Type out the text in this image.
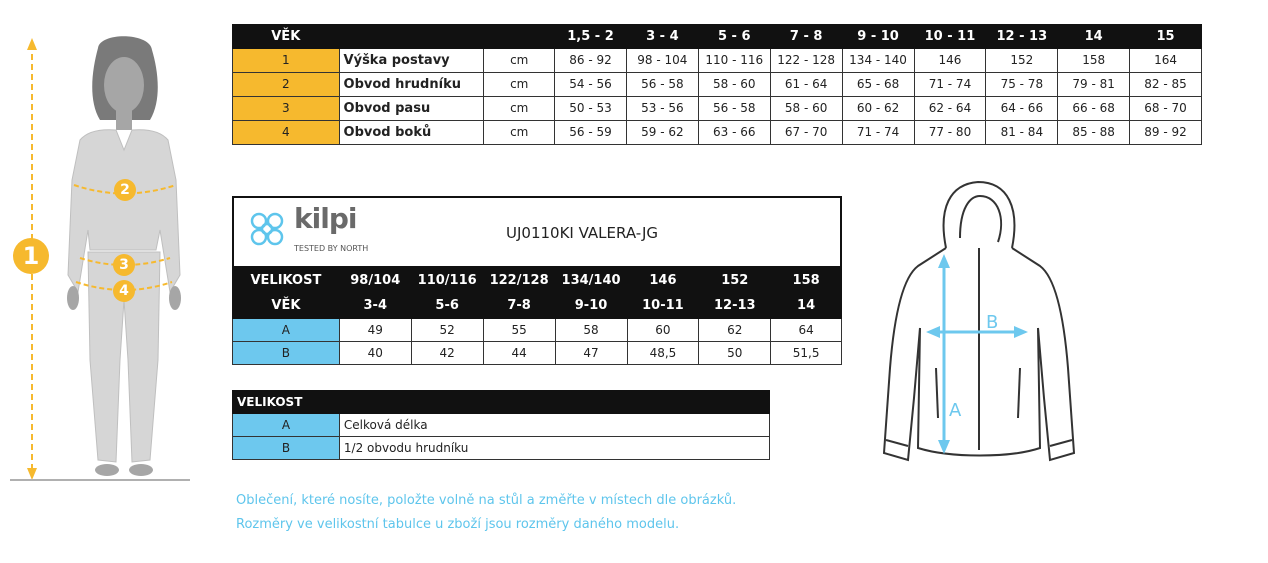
1
2
3
4
VĚK			1,5 - 2	3 - 4	5 - 6	7 - 8	9 - 10	10 - 11	12 - 13	14	15
1	Výška postavy	cm	86 - 92	98 - 104	110 - 116	122 - 128	134 - 140	146	152	158	164
2	Obvod hrudníku	cm	54 - 56	56 - 58	58 - 60	61 - 64	65 - 68	71 - 74	75 - 78	79 - 81	82 - 85
3	Obvod pasu	cm	50 - 53	53 - 56	56 - 58	58 - 60	60 - 62	62 - 64	64 - 66	66 - 68	68 - 70
4	Obvod boků	cm	56 - 59	59 - 62	63 - 66	67 - 70	71 - 74	77 - 80	81 - 84	85 - 88	89 - 92
kilpi
TESTED BY NORTH
UJ0110KI VALERA-JG
VELIKOST	98/104	110/116	122/128	134/140	146	152	158
VĚK	3-4	5-6	7-8	9-10	10-11	12-13	14
A	49	52	55	58	60	62	64
B	40	42	44	47	48,5	50	51,5
VELIKOST	
A	Celková délka
B	1/2 obvodu hrudníku
Oblečení, které nosíte, položte volně na stůl a změřte v místech dle obrázků.
Rozměry ve velikostní tabulce u zboží jsou rozměry daného modelu.
A
B
